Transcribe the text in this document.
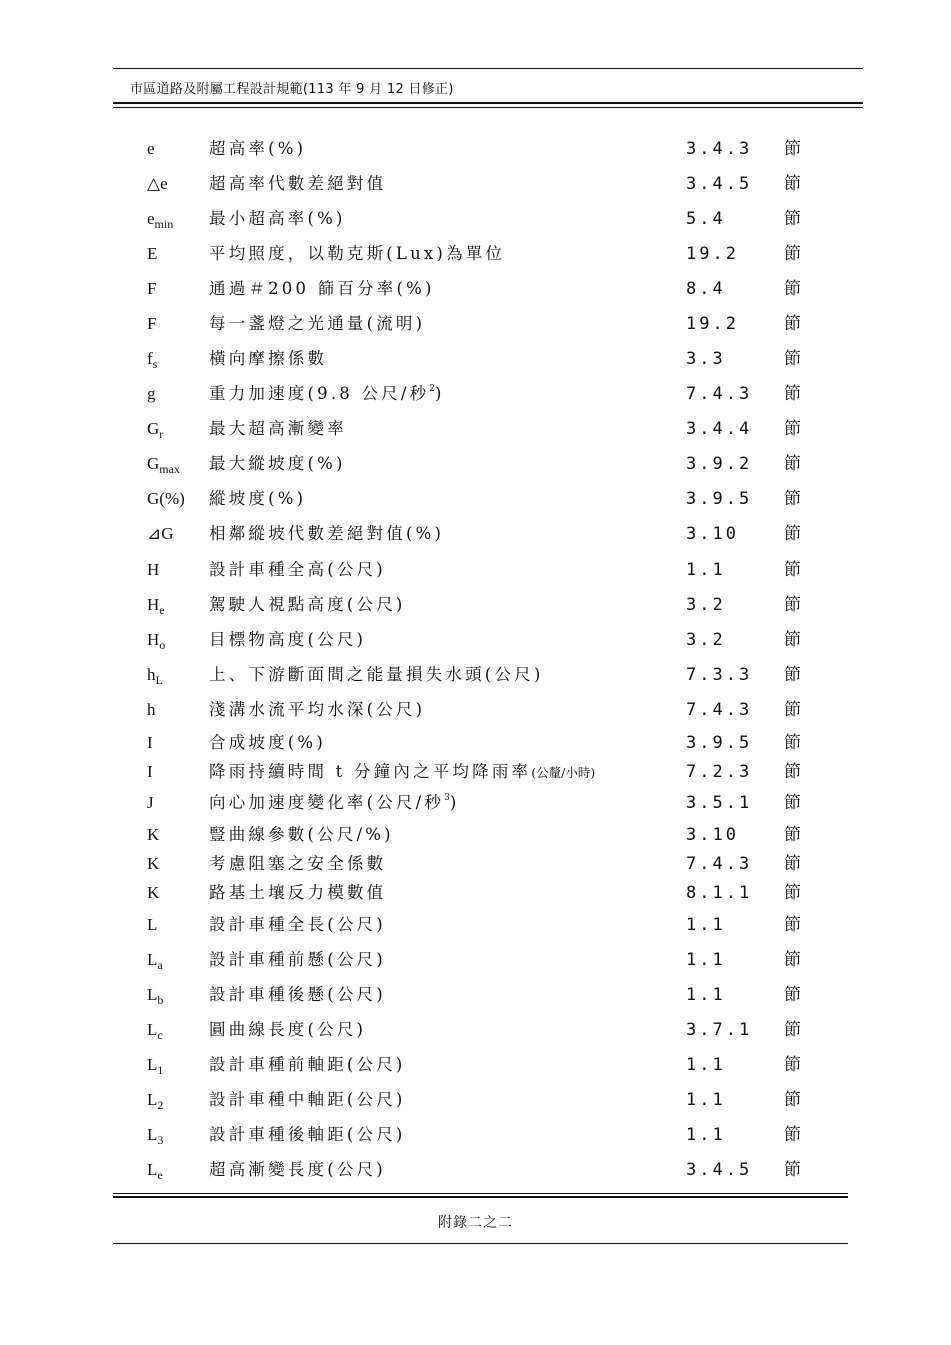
市區道路及附屬工程設計規範(113 年 9 月 12 日修正)
e	超高率(%)	3.4.3 節
△e	超高率代數差絕對值	3.4.5 節
$e_{min}$ 最小超高率(%)	5.4	節
E	平均照度，以勒克斯(Lux)為單位	19.2	節
F	通過＃200 篩百分率(%)	8.4	節
F	每一盞燈之光通量(流明)	19.2	節
$f_s$	橫向摩擦係數	3.3	節
g	重力加速度(9.8 公尺/秒$^2$)	7.4.3 節
$G_r$	最大超高漸變率	3.4.4 節
$G_{max}$ 最大縱坡度(%)	3.9.2 節
G(%) 縱坡度(%)	3.9.5 節
⊿G 相鄰縱坡代數差絕對值(%)	3.10	節
H	設計車種全高(公尺)	1.1	節
$H_e$	駕駛人視點高度(公尺)	3.2	節
$H_o$	目標物高度(公尺)	3.2	節
$h_L$	上、下游斷面間之能量損失水頭(公尺)	7.3.3 節
h	淺溝水流平均水深(公尺)	7.4.3 節
I	合成坡度(%)	3.9.5 節
I	降雨持續時間 t 分鐘內之平均降雨率(公釐/小時)	7.2.3 節
J	向心加速度變化率(公尺/秒$^3$)	3.5.1 節
K	豎曲線參數(公尺/%)	3.10	節
K	考慮阻塞之安全係數	7.4.3 節
K	路基土壤反力模數值	8.1.1 節
L	設計車種全長(公尺)	1.1	節
$L_a$	設計車種前懸(公尺)	1.1	節
$L_b$	設計車種後懸(公尺)	1.1	節
$L_c$	圓曲線長度(公尺)	3.7.1 節
$L_1$	設計車種前軸距(公尺)	1.1	節
$L_2$	設計車種中軸距(公尺)	1.1	節
$L_3$	設計車種後軸距(公尺)	1.1	節
$L_e$	超高漸變長度(公尺)	3.4.5 節
附錄二之二
